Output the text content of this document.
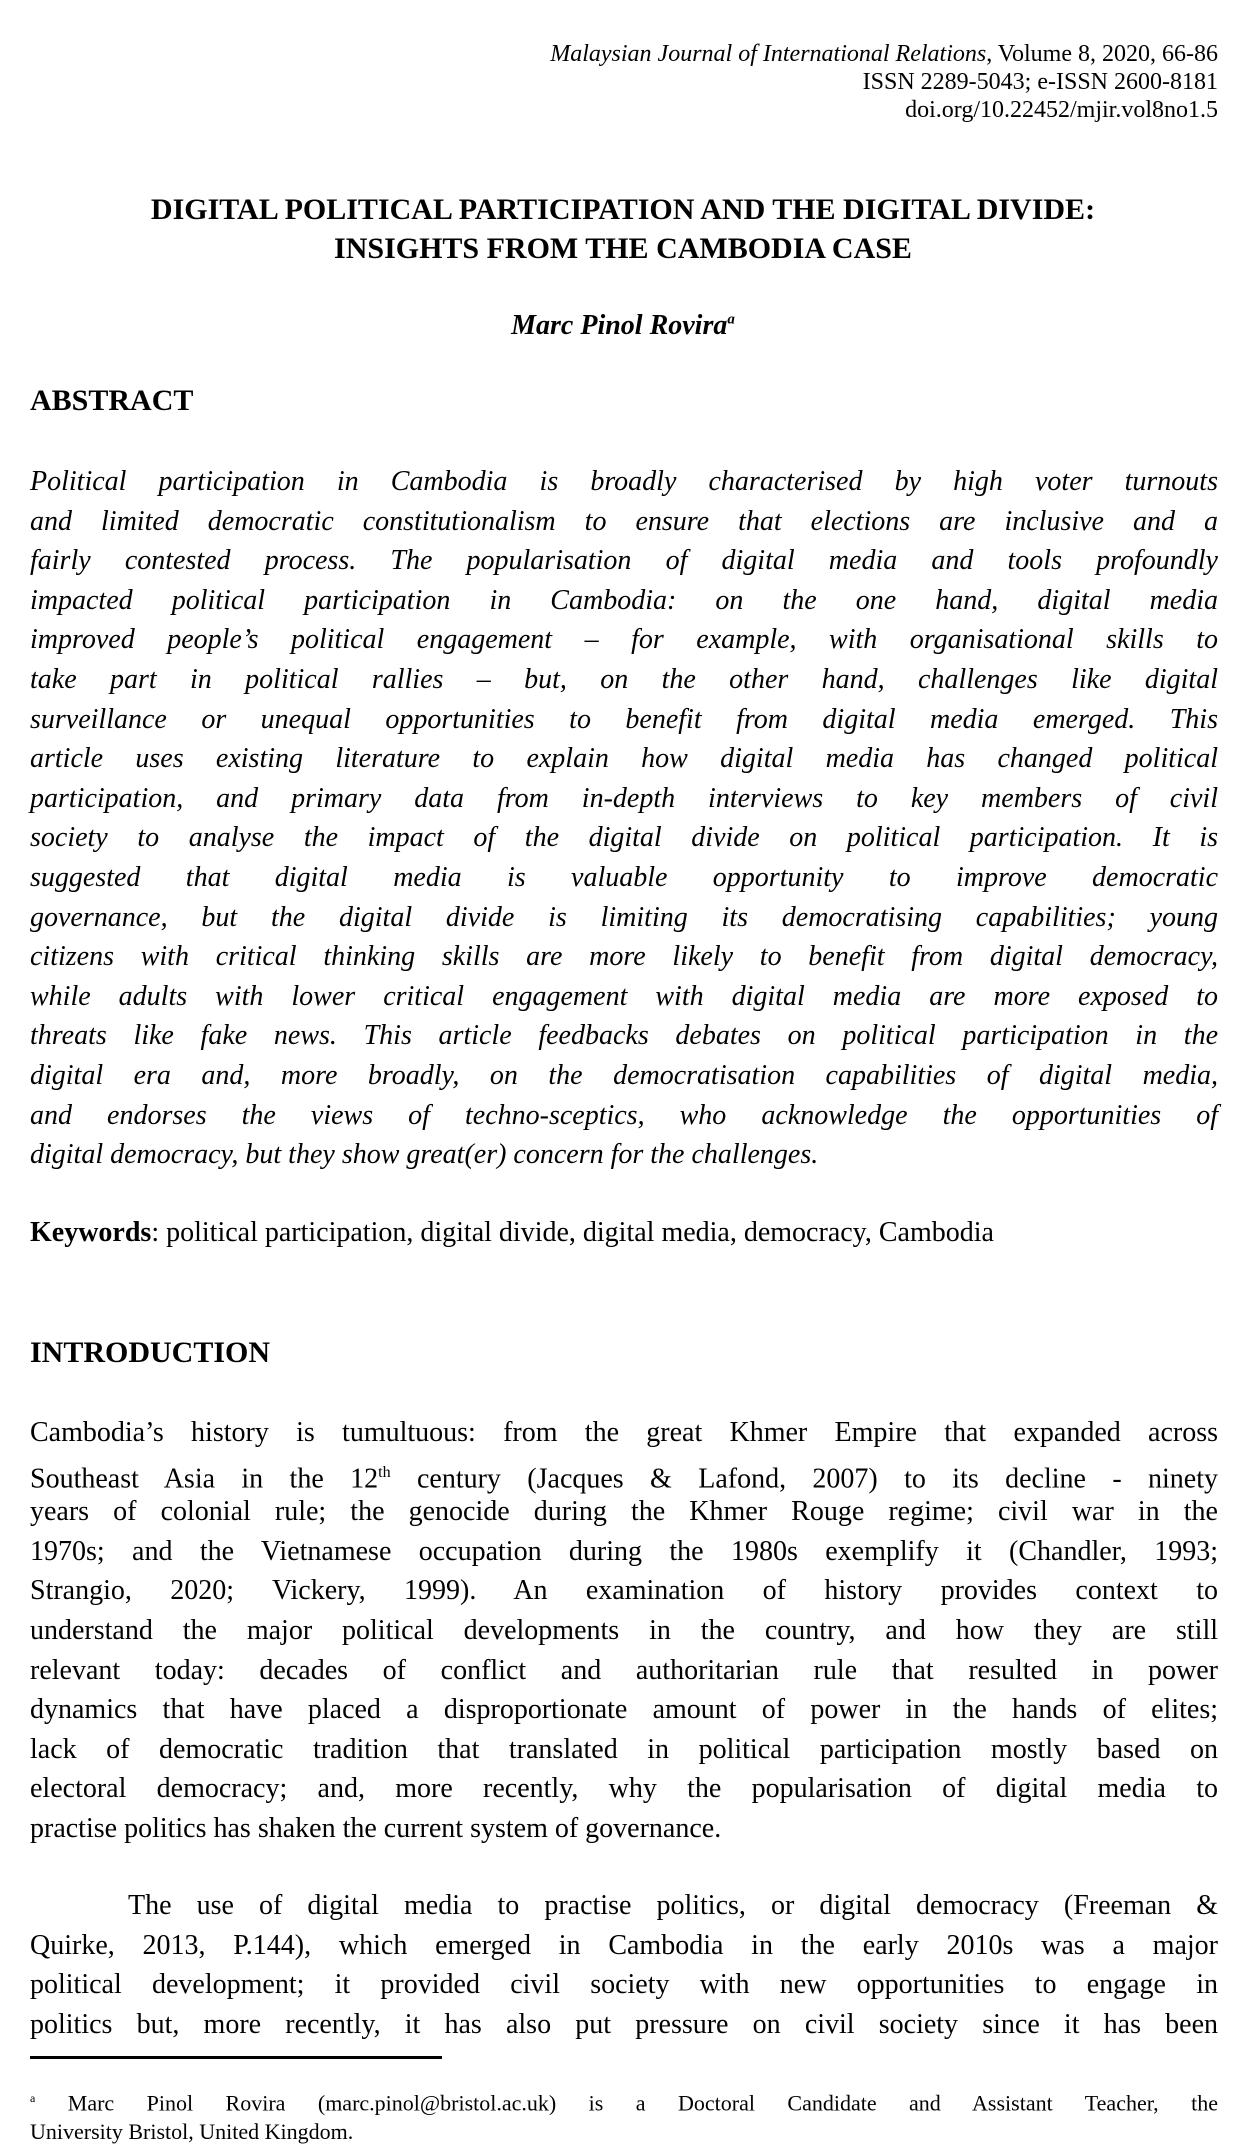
Malaysian Journal of International Relations, Volume 8, 2020, 66-86
ISSN 2289-5043; e-ISSN 2600-8181
doi.org/10.22452/mjir.vol8no1.5
DIGITAL POLITICAL PARTICIPATION AND THE DIGITAL DIVIDE:
INSIGHTS FROM THE CAMBODIA CASE
Marc Pinol Rovira$^a$
ABSTRACT
Political participation in Cambodia is broadly characterised by high voter turnouts
and limited democratic constitutionalism to ensure that elections are inclusive and a
fairly contested process. The popularisation of digital media and tools profoundly
impacted political participation in Cambodia: on the one hand, digital media
improved people’s political engagement – for example, with organisational skills to
take part in political rallies – but, on the other hand, challenges like digital
surveillance or unequal opportunities to benefit from digital media emerged. This
article uses existing literature to explain how digital media has changed political
participation, and primary data from in-depth interviews to key members of civil
society to analyse the impact of the digital divide on political participation. It is
suggested that digital media is valuable opportunity to improve democratic
governance, but the digital divide is limiting its democratising capabilities; young
citizens with critical thinking skills are more likely to benefit from digital democracy,
while adults with lower critical engagement with digital media are more exposed to
threats like fake news. This article feedbacks debates on political participation in the
digital era and, more broadly, on the democratisation capabilities of digital media,
and endorses the views of techno-sceptics, who acknowledge the opportunities of
digital democracy, but they show great(er) concern for the challenges.
Keywords: political participation, digital divide, digital media, democracy, Cambodia
INTRODUCTION
Cambodia’s history is tumultuous: from the great Khmer Empire that expanded across
Southeast Asia in the 12th century (Jacques & Lafond, 2007) to its decline - ninety
years of colonial rule; the genocide during the Khmer Rouge regime; civil war in the
1970s; and the Vietnamese occupation during the 1980s exemplify it (Chandler, 1993;
Strangio, 2020; Vickery, 1999). An examination of history provides context to
understand the major political developments in the country, and how they are still
relevant today: decades of conflict and authoritarian rule that resulted in power
dynamics that have placed a disproportionate amount of power in the hands of elites;
lack of democratic tradition that translated in political participation mostly based on
electoral democracy; and, more recently, why the popularisation of digital media to
practise politics has shaken the current system of governance.
The use of digital media to practise politics, or digital democracy (Freeman &
Quirke, 2013, P.144), which emerged in Cambodia in the early 2010s was a major
political development; it provided civil society with new opportunities to engage in
politics but, more recently, it has also put pressure on civil society since it has been
$^a$ Marc Pinol Rovira (marc.pinol@bristol.ac.uk) is a Doctoral Candidate and Assistant Teacher, the
University Bristol, United Kingdom.
